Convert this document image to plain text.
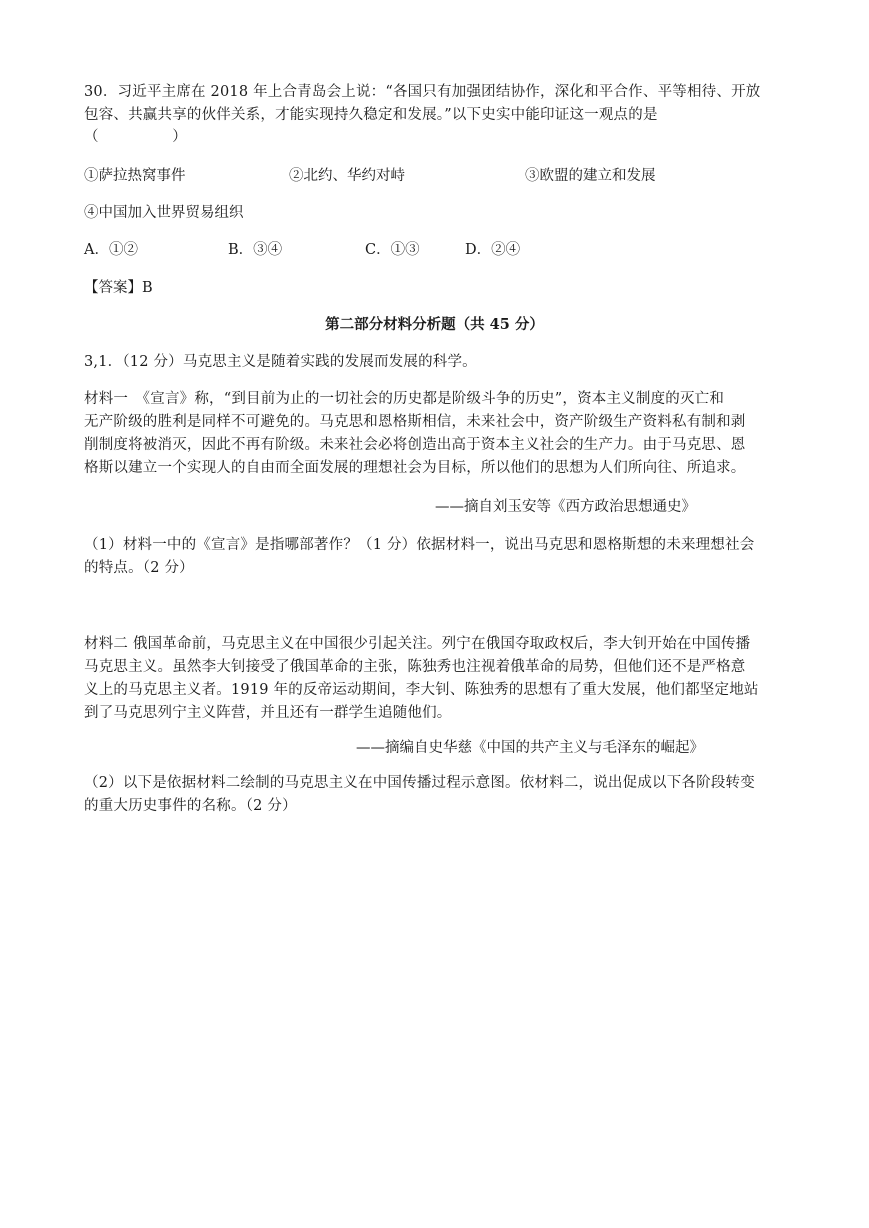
30．习近平主席在 2018 年上合青岛会上说：“各国只有加强团结协作，深化和平合作、平等相待、开放
包容、共赢共享的伙伴关系，才能实现持久稳定和发展。”以下史实中能印证这一观点的是
（　　　　　）
①萨拉热窝事件	②北约、华约对峙	③欧盟的建立和发展
④中国加入世界贸易组织
A．①②	B．③④	C．①③	D．②④
【答案】B
第二部分材料分析题（共 45 分）
3,1．（12 分）马克思主义是随着实践的发展而发展的科学。
材料一　《宣言》称，“到目前为止的一切社会的历史都是阶级斗争的历史”，资本主义制度的灭亡和
无产阶级的胜利是同样不可避免的。马克思和恩格斯相信，未来社会中，资产阶级生产资料私有制和剥
削制度将被消灭，因此不再有阶级。未来社会必将创造出高于资本主义社会的生产力。由于马克思、恩
格斯以建立一个实现人的自由而全面发展的理想社会为目标，所以他们的思想为人们所向往、所追求。
——摘自刘玉安等《西方政治思想通史》
（1）材料一中的《宣言》是指哪部著作？（1 分）依据材料一，说出马克思和恩格斯想的未来理想社会
的特点。（2 分）
材料二 俄国革命前，马克思主义在中国很少引起关注。列宁在俄国夺取政权后，李大钊开始在中国传播
马克思主义。虽然李大钊接受了俄国革命的主张，陈独秀也注视着俄革命的局势，但他们还不是严格意
义上的马克思主义者。1919 年的反帝运动期间，李大钊、陈独秀的思想有了重大发展，他们都坚定地站
到了马克思列宁主义阵营，并且还有一群学生追随他们。
——摘编自史华慈《中国的共产主义与毛泽东的崛起》
（2）以下是依据材料二绘制的马克思主义在中国传播过程示意图。依材料二，说出促成以下各阶段转变
的重大历史事件的名称。（2 分）
